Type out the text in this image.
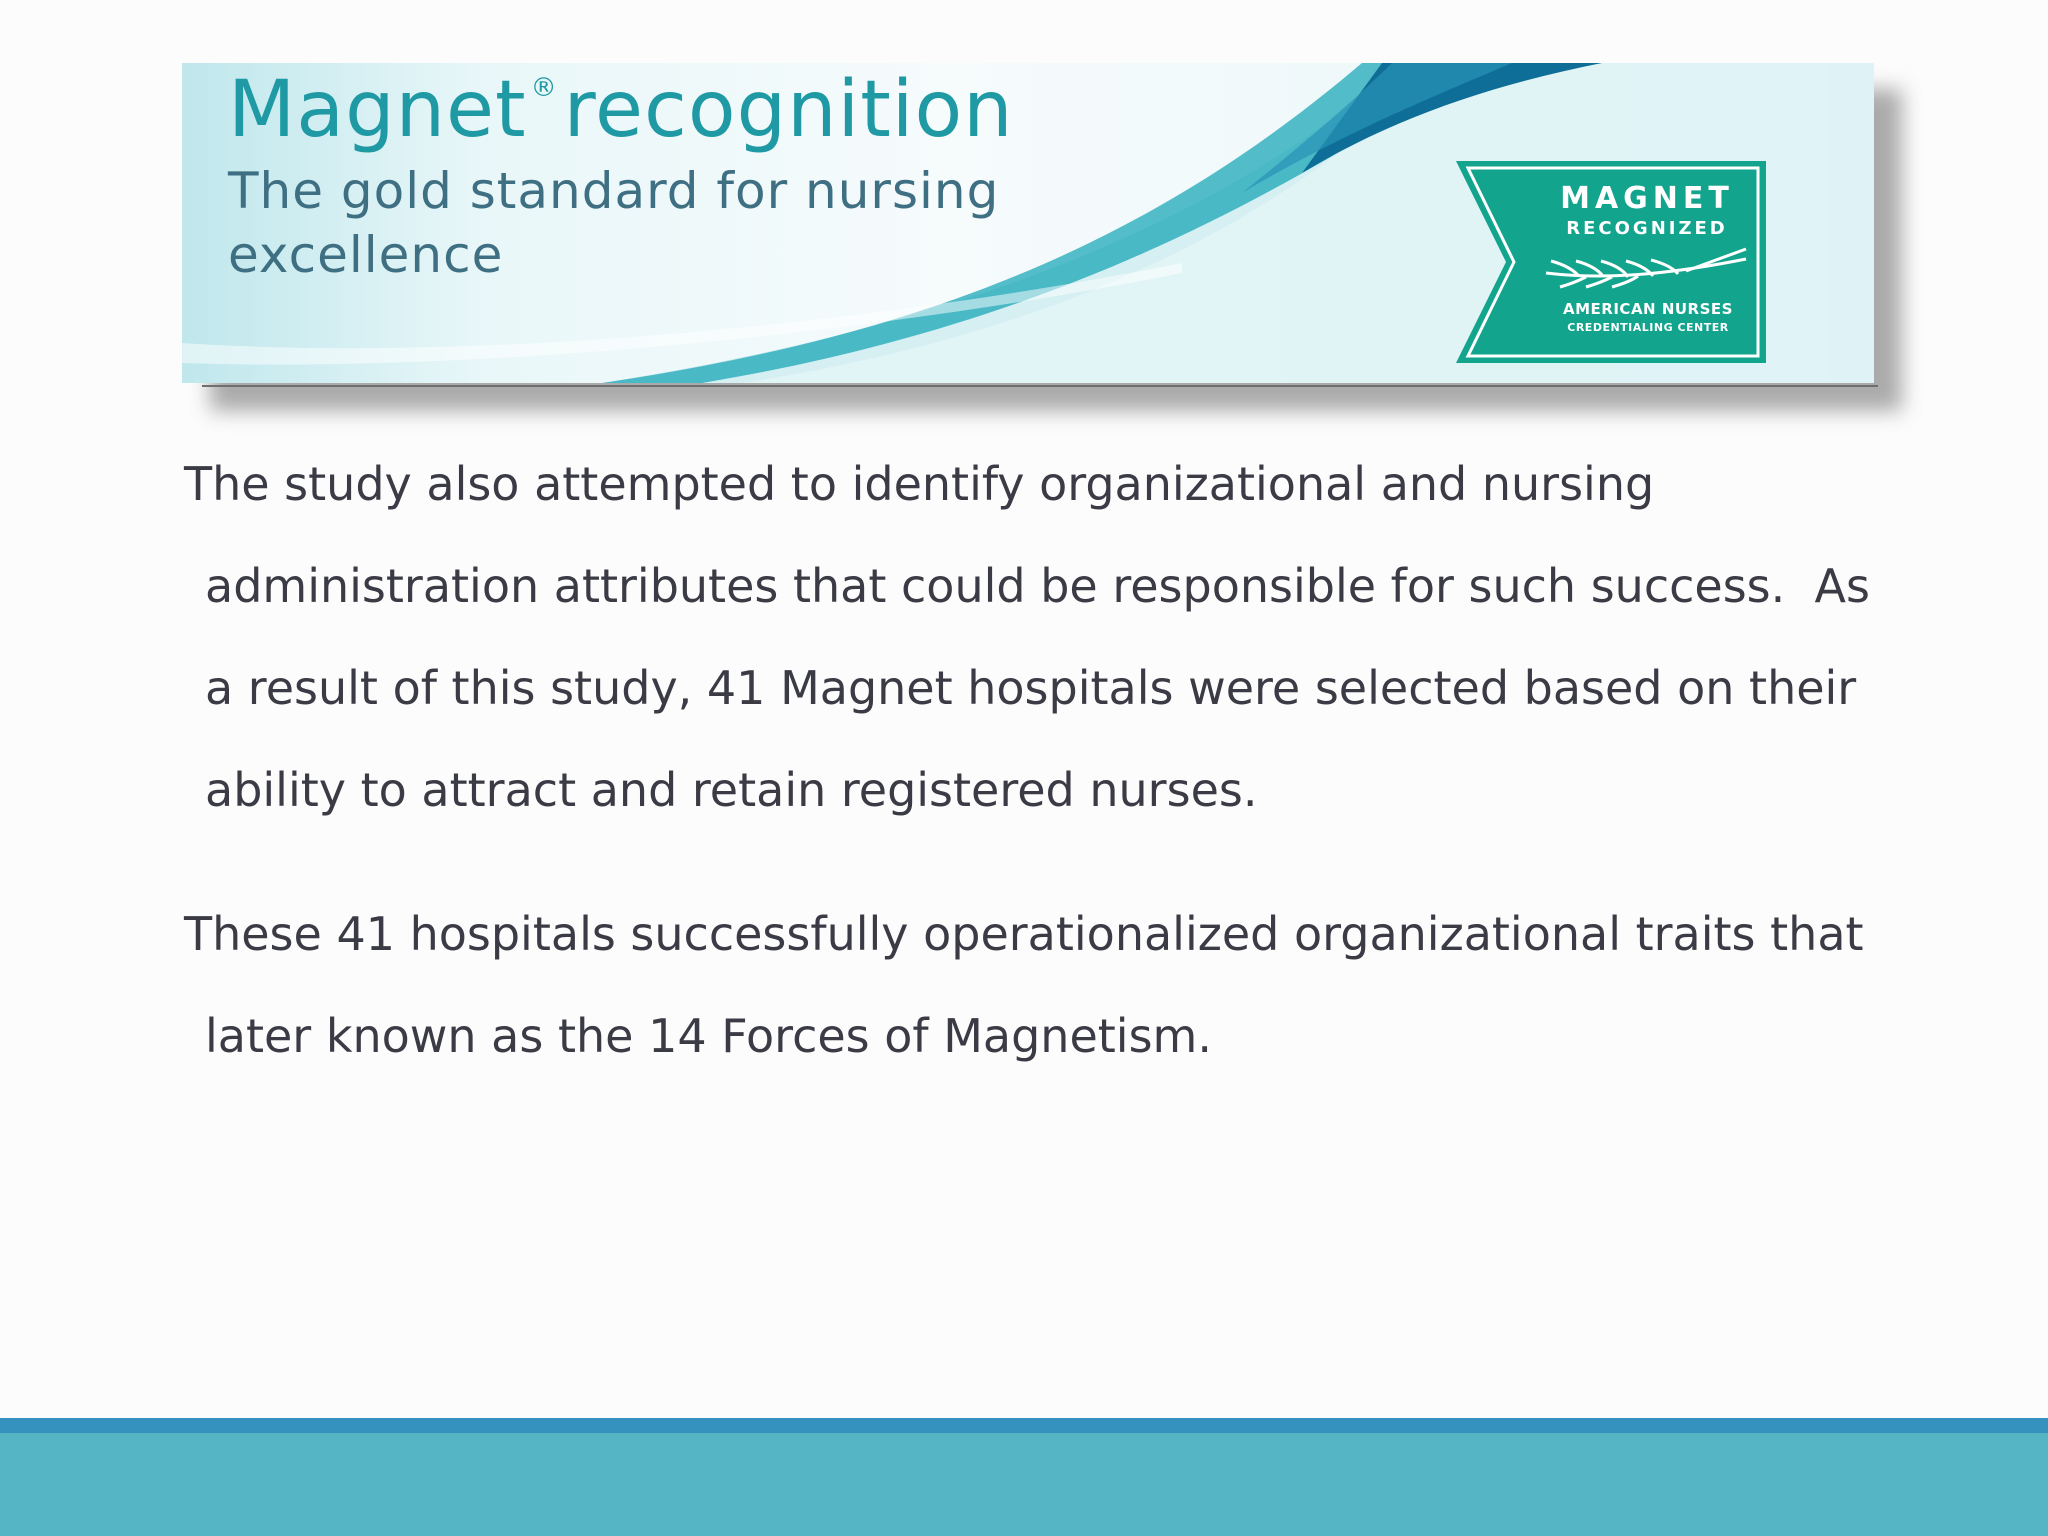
Magnet ®recognition
The gold standard for nursing
excellence
MAGNET
RECOGNIZED
AMERICAN NURSES
CREDENTIALING CENTER

The study also attempted to identify organizational and nursing
administration attributes that could be responsible for such success.  As
a result of this study, 41 Magnet hospitals were selected based on their
ability to attract and retain registered nurses.

These 41 hospitals successfully operationalized organizational traits that
later known as the 14 Forces of Magnetism.
